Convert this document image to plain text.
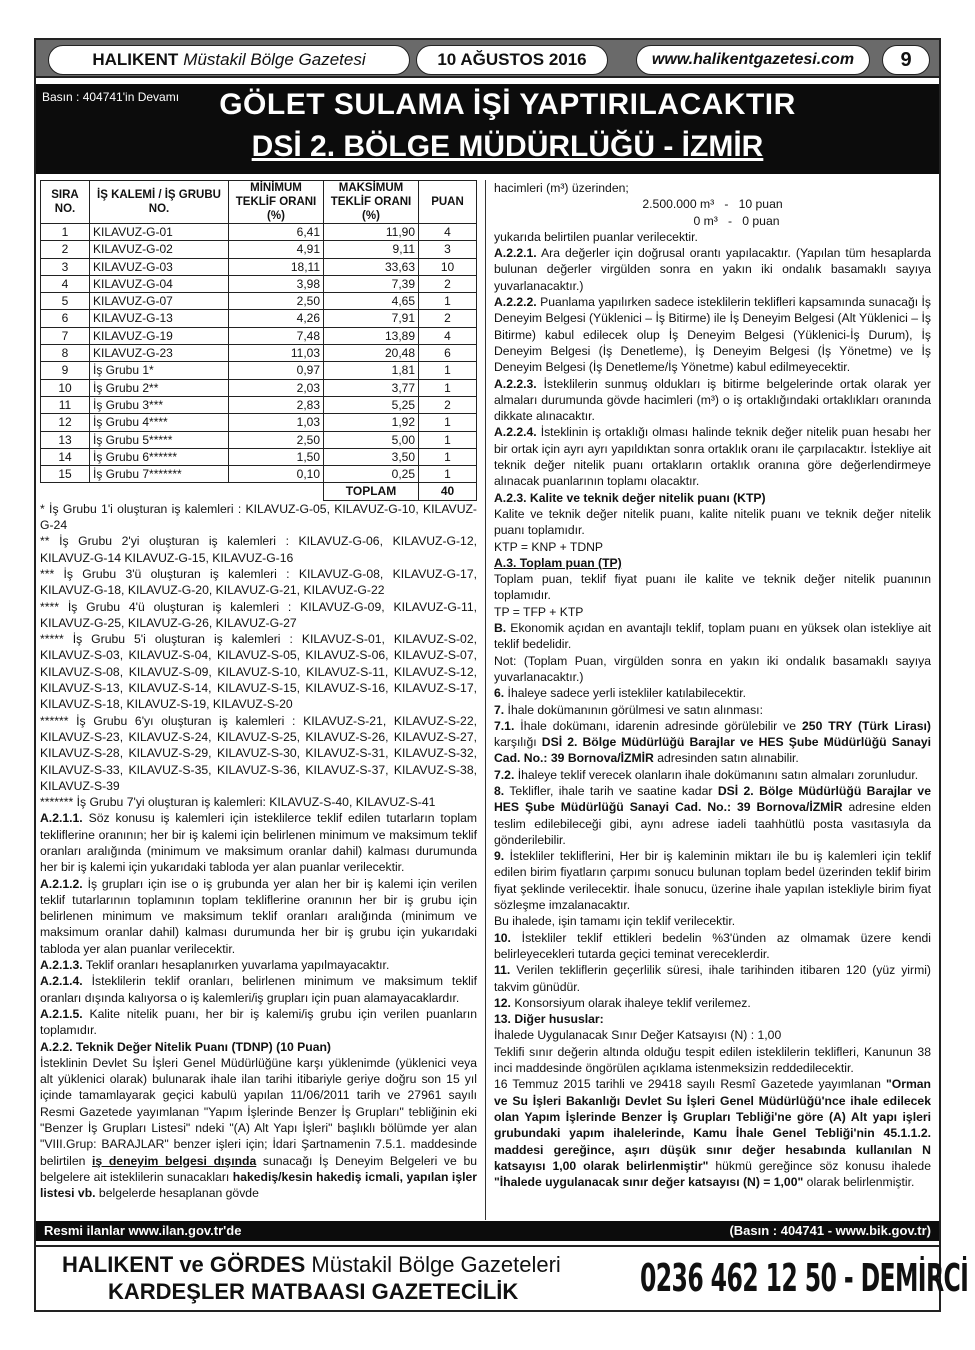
HALIKENT Müstakil Bölge Gazetesi	10 AĞUSTOS 2016	www.halikentgazetesi.com 9
Basın : 404741'in Devamı	GÖLET SULAMA İŞİ YAPTIRILACAKTIR
DSİ 2. BÖLGE MÜDÜRLÜĞÜ - İZMİR
SIRA NO.	İŞ KALEMİ / İŞ GRUBU NO.	MİNİMUM TEKLİF ORANI (%)	MAKSİMUM TEKLİF ORANI (%)	PUAN
1	KILAVUZ-G-01	6,41	11,90	4
2	KILAVUZ-G-02	4,91	9,11	3
3	KILAVUZ-G-03	18,11	33,63	10
4	KILAVUZ-G-04	3,98	7,39	2
5	KILAVUZ-G-07	2,50	4,65	1
6	KILAVUZ-G-13	4,26	7,91	2
7	KILAVUZ-G-19	7,48	13,89	4
8	KILAVUZ-G-23	11,03	20,48	6
9	İş Grubu 1*	0,97	1,81	1
10	İş Grubu 2**	2,03	3,77	1
11	İş Grubu 3***	2,83	5,25	2
12	İş Grubu 4****	1,03	1,92	1
13	İş Grubu 5*****	2,50	5,00	1
14	İş Grubu 6******	1,50	3,50	1
15	İş Grubu 7*******	0,10	0,25	1
			TOPLAM	40

* İş Grubu 1'i oluşturan iş kalemleri : KILAVUZ-G-05, KILAVUZ-G-10, KILAVUZ-G-24

** İş Grubu 2'yi oluşturan iş kalemleri : KILAVUZ-G-06, KILAVUZ-G-12, KILAVUZ-G-14 KILAVUZ-G-15, KILAVUZ-G-16

*** İş Grubu 3'ü oluşturan iş kalemleri : KILAVUZ-G-08, KILAVUZ-G-17, KILAVUZ-G-18, KILAVUZ-G-20, KILAVUZ-G-21, KILAVUZ-G-22

**** İş Grubu 4'ü oluşturan iş kalemleri : KILAVUZ-G-09, KILAVUZ-G-11, KILAVUZ-G-25, KILAVUZ-G-26, KILAVUZ-G-27

***** İş Grubu 5'i oluşturan iş kalemleri : KILAVUZ-S-01, KILAVUZ-S-02, KILAVUZ-S-03, KILAVUZ-S-04, KILAVUZ-S-05, KILAVUZ-S-06, KILAVUZ-S-07, KILAVUZ-S-08, KILAVUZ-S-09, KILAVUZ-S-10, KILAVUZ-S-11, KILAVUZ-S-12, KILAVUZ-S-13, KILAVUZ-S-14, KILAVUZ-S-15, KILAVUZ-S-16, KILAVUZ-S-17, KILAVUZ-S-18, KILAVUZ-S-19, KILAVUZ-S-20

****** İş Grubu 6'yı oluşturan iş kalemleri : KILAVUZ-S-21, KILAVUZ-S-22, KILAVUZ-S-23, KILAVUZ-S-24, KILAVUZ-S-25, KILAVUZ-S-26, KILAVUZ-S-27, KILAVUZ-S-28, KILAVUZ-S-29, KILAVUZ-S-30, KILAVUZ-S-31, KILAVUZ-S-32, KILAVUZ-S-33, KILAVUZ-S-35, KILAVUZ-S-36, KILAVUZ-S-37, KILAVUZ-S-38, KILAVUZ-S-39

******* İş Grubu 7'yi oluşturan iş kalemleri: KILAVUZ-S-40, KILAVUZ-S-41

A.2.1.1. Söz konusu iş kalemleri için isteklilerce teklif edilen tutarların toplam tekliflerine oranının; her bir iş kalemi için belirlenen minimum ve maksimum teklif oranları aralığında (minimum ve maksimum oranlar dahil) kalması durumunda her bir iş kalemi için yukarıdaki tabloda yer alan puanlar verilecektir.

A.2.1.2. İş grupları için ise o iş grubunda yer alan her bir iş kalemi için verilen teklif tutarlarının toplamının toplam tekliflerine oranının her bir iş grubu için belirlenen minimum ve maksimum teklif oranları aralığında (minimum ve maksimum oranlar dahil) kalması durumunda her bir iş grubu için yukarıdaki tabloda yer alan puanlar verilecektir.

A.2.1.3. Teklif oranları hesaplanırken yuvarlama yapılmayacaktır.

A.2.1.4. İsteklilerin teklif oranları, belirlenen minimum ve maksimum teklif oranları dışında kalıyorsa o iş kalemleri/iş grupları için puan alamayacaklardır.

A.2.1.5. Kalite nitelik puanı, her bir iş kalemi/iş grubu için verilen puanların toplamıdır.

A.2.2. Teknik Değer Nitelik Puanı (TDNP) (10 Puan)

İsteklinin Devlet Su İşleri Genel Müdürlüğüne karşı yüklenimde (yüklenici veya alt yüklenici olarak) bulunarak ihale ilan tarihi itibariyle geriye doğru son 15 yıl içinde tamamlayarak geçici kabulü yapılan 11/06/2011 tarih ve 27961 sayılı Resmi Gazetede yayımlanan "Yapım İşlerinde Benzer İş Grupları" tebliğinin eki "Benzer İş Grupları Listesi" ndeki "(A) Alt Yapı İşleri" başlıklı bölümde yer alan "VIII.Grup: BARAJLAR" benzer işleri için; İdari Şartnamenin 7.5.1. maddesinde belirtilen iş deneyim belgesi dışında sunacağı İş Deneyim Belgeleri ve bu belgelere ait isteklilerin sunacakları hakediş/kesin hakediş icmali, yapılan işler listesi vb. belgelerde hesaplanan gövde

hacimleri (m³) üzerinden;

2.500.000 m³   -   10 puan

0 m³   -   0 puan

yukarıda belirtilen puanlar verilecektir.

A.2.2.1. Ara değerler için doğrusal orantı yapılacaktır. (Yapılan tüm hesaplarda bulunan değerler virgülden sonra en yakın iki ondalık basamaklı sayıya yuvarlanacaktır.)

A.2.2.2. Puanlama yapılırken sadece isteklilerin teklifleri kapsamında sunacağı İş Deneyim Belgesi (Yüklenici – İş Bitirme) ile İş Deneyim Belgesi (Alt Yüklenici – İş Bitirme) kabul edilecek olup İş Deneyim Belgesi (Yüklenici-İş Durum), İş Deneyim Belgesi (İş Denetleme), İş Deneyim Belgesi (İş Yönetme) ve İş Deneyim Belgesi (İş Denetleme/İş Yönetme) kabul edilmeyecektir.

A.2.2.3. İsteklilerin sunmuş oldukları iş bitirme belgelerinde ortak olarak yer almaları durumunda gövde hacimleri (m³) o iş ortaklığındaki ortaklıkları oranında dikkate alınacaktır.

A.2.2.4. İsteklinin iş ortaklığı olması halinde teknik değer nitelik puan hesabı her bir ortak için ayrı ayrı yapıldıktan sonra ortaklık oranı ile çarpılacaktır. İstekliye ait teknik değer nitelik puanı ortakların ortaklık oranına göre değerlendirmeye alınacak puanlarının toplamı olacaktır.

A.2.3. Kalite ve teknik değer nitelik puanı (KTP)

Kalite ve teknik değer nitelik puanı, kalite nitelik puanı ve teknik değer nitelik puanı toplamıdır.

KTP = KNP + TDNP

A.3. Toplam puan (TP)

Toplam puan, teklif fiyat puanı ile kalite ve teknik değer nitelik puanının toplamıdır.

TP = TFP + KTP

B. Ekonomik açıdan en avantajlı teklif, toplam puanı en yüksek olan istekliye ait teklif bedelidir.

Not: (Toplam Puan, virgülden sonra en yakın iki ondalık basamaklı sayıya yuvarlanacaktır.)

6. İhaleye sadece yerli istekliler katılabilecektir.

7. İhale dokümanının görülmesi ve satın alınması:

7.1. İhale dokümanı, idarenin adresinde görülebilir ve 250 TRY (Türk Lirası) karşılığı DSİ 2. Bölge Müdürlüğü Barajlar ve HES Şube Müdürlüğü Sanayi Cad. No.: 39 Bornova/İZMİR adresinden satın alınabilir.

7.2. İhaleye teklif verecek olanların ihale dokümanını satın almaları zorunludur.

8. Teklifler, ihale tarih ve saatine kadar DSİ 2. Bölge Müdürlüğü Barajlar ve HES Şube Müdürlüğü Sanayi Cad. No.: 39 Bornova/İZMİR adresine elden teslim edilebileceği gibi, aynı adrese iadeli taahhütlü posta vasıtasıyla da gönderilebilir.

9. İstekliler tekliflerini, Her bir iş kaleminin miktarı ile bu iş kalemleri için teklif edilen birim fiyatların çarpımı sonucu bulunan toplam bedel üzerinden teklif birim fiyat şeklinde verilecektir. İhale sonucu, üzerine ihale yapılan istekliyle birim fiyat sözleşme imzalanacaktır.

Bu ihalede, işin tamamı için teklif verilecektir.

10. İstekliler teklif ettikleri bedelin %3'ünden az olmamak üzere kendi belirleyecekleri tutarda geçici teminat vereceklerdir.

11. Verilen tekliflerin geçerlilik süresi, ihale tarihinden itibaren 120 (yüz yirmi) takvim günüdür.

12. Konsorsiyum olarak ihaleye teklif verilemez.

13. Diğer hususlar:

İhalede Uygulanacak Sınır Değer Katsayısı (N) : 1,00

Teklifi sınır değerin altında olduğu tespit edilen isteklilerin teklifleri, Kanunun 38 inci maddesinde öngörülen açıklama istenmeksizin reddedilecektir.

16 Temmuz 2015 tarihli ve 29418 sayılı Resmî Gazetede yayımlanan "Orman ve Su İşleri Bakanlığı Devlet Su İşleri Genel Müdürlüğü'nce ihale edilecek olan Yapım İşlerinde Benzer İş Grupları Tebliği'ne göre (A) Alt yapı işleri grubundaki yapım ihalelerinde, Kamu İhale Genel Tebliği'nin 45.1.1.2. maddesi gereğince, aşırı düşük sınır değer hesabında kullanılan N katsayısı 1,00 olarak belirlenmiştir" hükmü gereğince söz konusu ihalede "İhalede uygulanacak sınır değer katsayısı (N) = 1,00" olarak belirlenmiştir.

Resmi ilanlar www.ilan.gov.tr'de	(Basın : 404741 - www.bik.gov.tr)
HALIKENT ve GÖRDES Müstakil Bölge Gazeteleri
KARDEŞLER MATBAASI GAZETECİLİK	0236 462 12 50 - DEMİRCİ
